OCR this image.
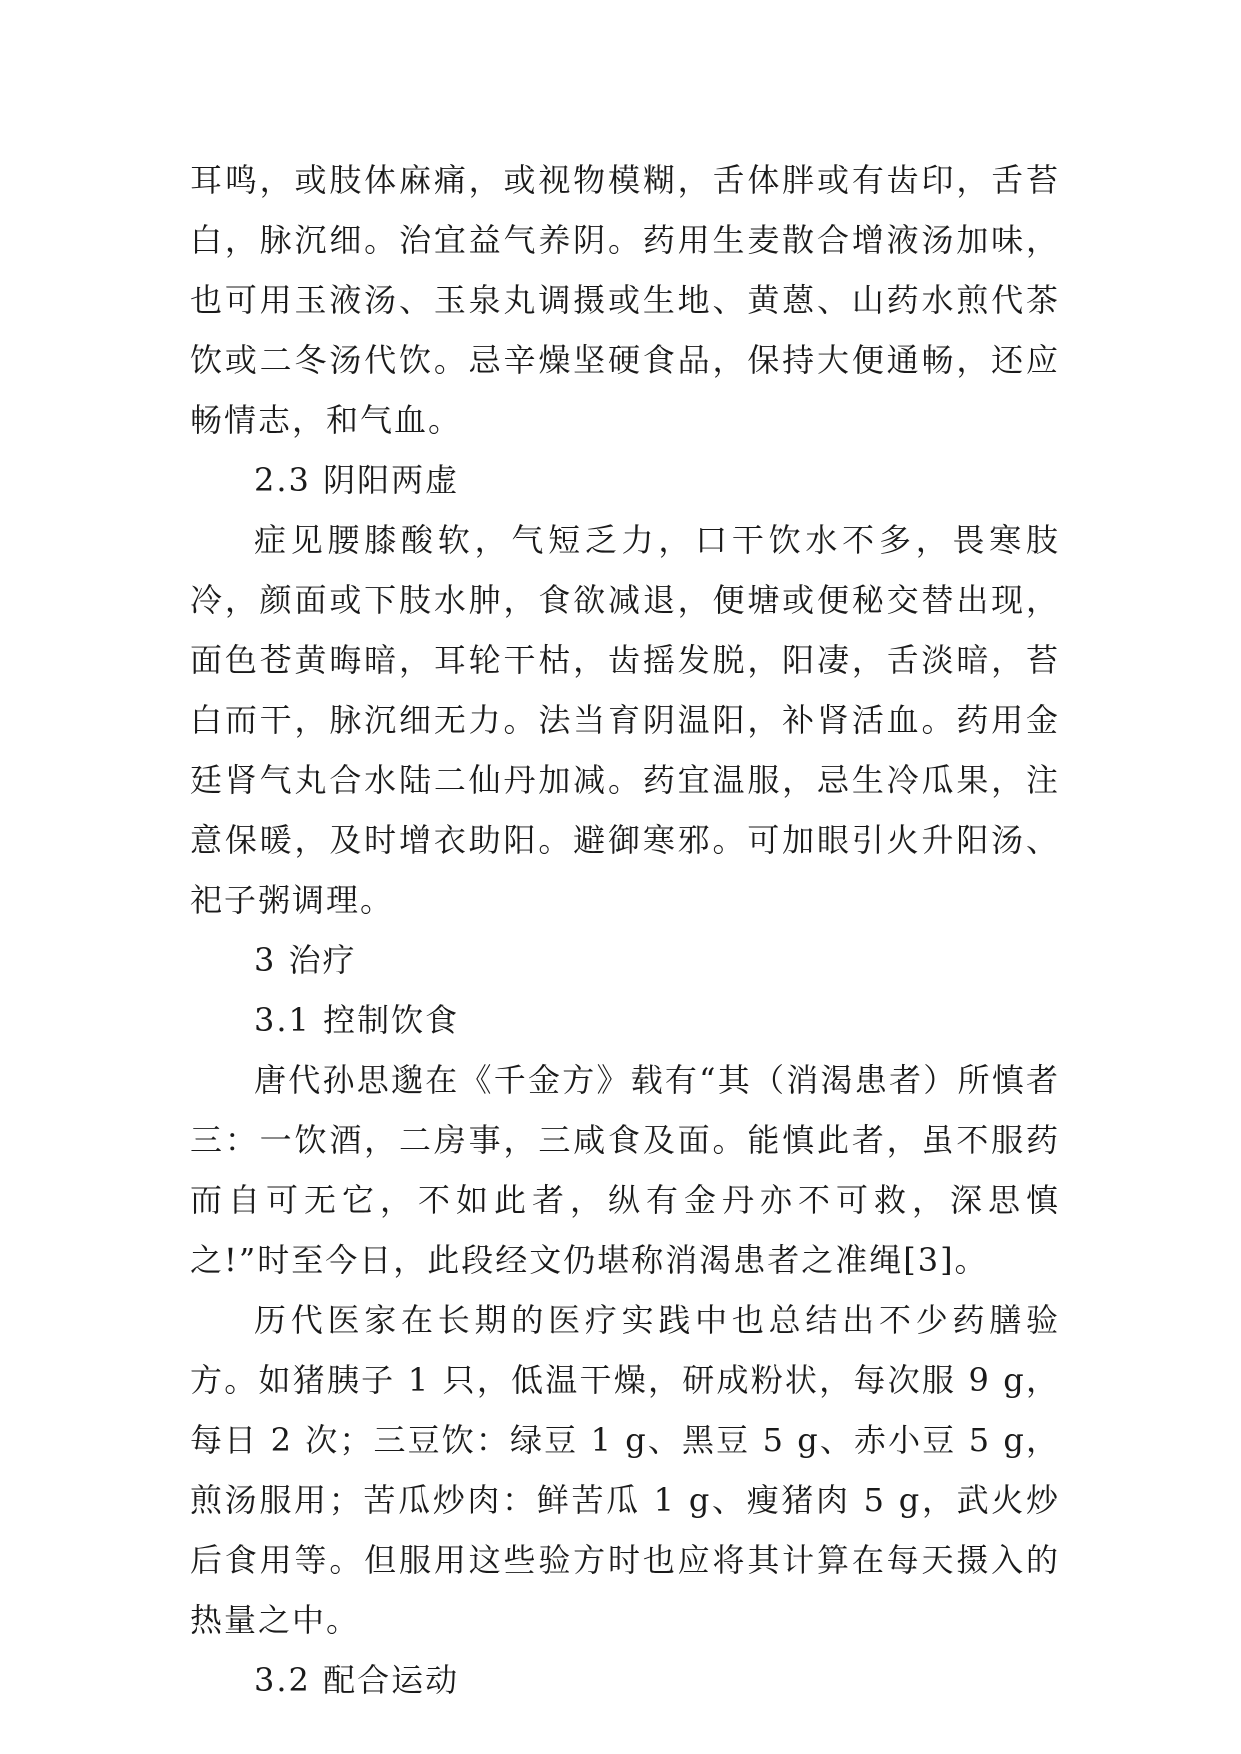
耳鸣，或肢体麻痛，或视物模糊，舌体胖或有齿印，舌苔白，脉沉细。治宜益气养阴。药用生麦散合增液汤加味，也可用玉液汤、玉泉丸调摄或生地、黄蒽、山药水煎代茶饮或二冬汤代饮。忌辛燥坚硬食品，保持大便通畅，还应畅情志，和气血。

2.3 阴阳两虚

症见腰膝酸软，气短乏力，口干饮水不多，畏寒肢冷，颜面或下肢水肿，食欲减退，便塘或便秘交替出现，面色苍黄晦暗，耳轮干枯，齿摇发脱，阳凄，舌淡暗，苔白而干，脉沉细无力。法当育阴温阳，补肾活血。药用金廷肾气丸合水陆二仙丹加减。药宜温服，忌生冷瓜果，注意保暖，及时增衣助阳。避御寒邪。可加眼引火升阳汤、祀子粥调理。

3 治疗

3.1 控制饮食

唐代孙思邈在《千金方》载有“其（消渴患者）所慎者三：一饮酒，二房事，三咸食及面。能慎此者，虽不服药而自可无它，不如此者，纵有金丹亦不可救，深思慎之!”时至今日，此段经文仍堪称消渴患者之准绳[3]。

历代医家在长期的医疗实践中也总结出不少药膳验方。如猪胰子 1 只，低温干燥，研成粉状，每次服 9 g，每日 2 次；三豆饮：绿豆 1 g、黑豆 5 g、赤小豆 5 g，煎汤服用；苦瓜炒肉：鲜苦瓜 1 g、瘦猪肉 5 g，武火炒后食用等。但服用这些验方时也应将其计算在每天摄入的热量之中。

3.2 配合运动
